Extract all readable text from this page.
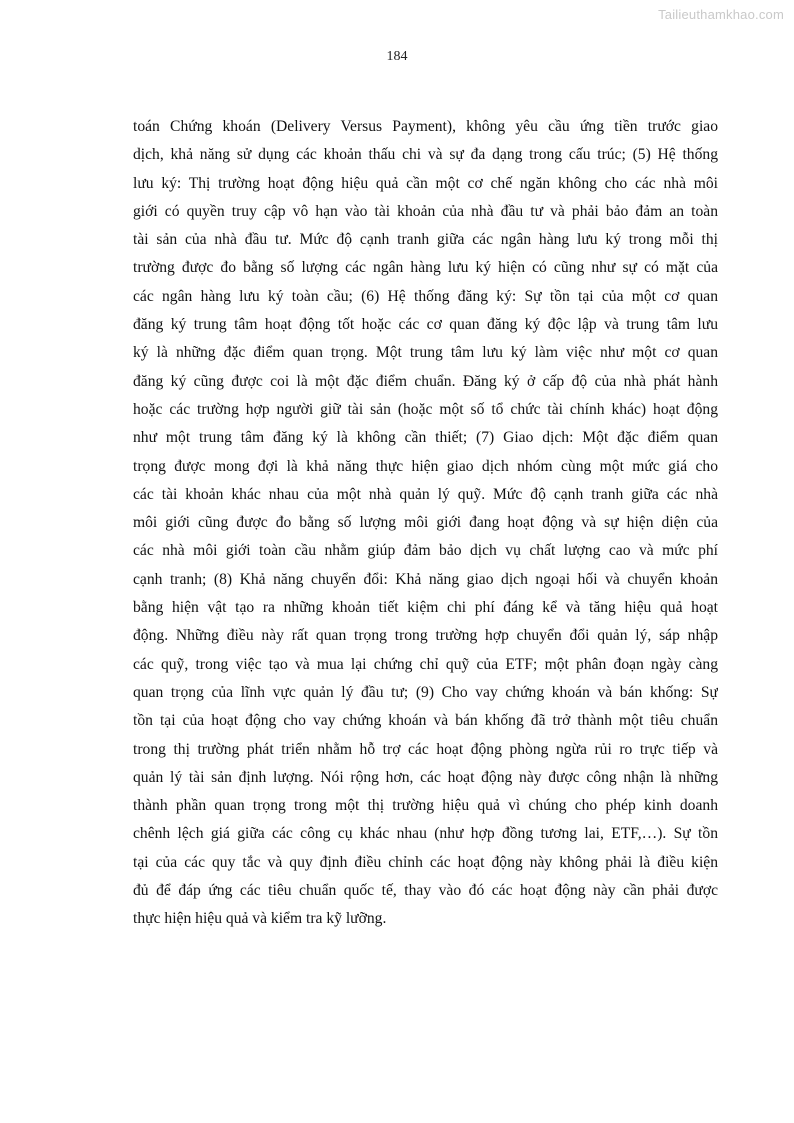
Tailieuthamkhao.com
184
toán Chứng khoán (Delivery Versus Payment), không yêu cầu ứng tiền trước giao
dịch, khả năng sử dụng các khoản thấu chi và sự đa dạng trong cấu trúc; (5) Hệ thống
lưu ký: Thị trường hoạt động hiệu quả cần một cơ chế ngăn không cho các nhà môi
giới có quyền truy cập vô hạn vào tài khoản của nhà đầu tư và phải bảo đảm an toàn
tài sản của nhà đầu tư. Mức độ cạnh tranh giữa các ngân hàng lưu ký trong mỗi thị
trường được đo bằng số lượng các ngân hàng lưu ký hiện có cũng như sự có mặt của
các ngân hàng lưu ký toàn cầu; (6) Hệ thống đăng ký: Sự tồn tại của một cơ quan
đăng ký trung tâm hoạt động tốt hoặc các cơ quan đăng ký độc lập và trung tâm lưu
ký là những đặc điểm quan trọng. Một trung tâm lưu ký làm việc như một cơ quan
đăng ký cũng được coi là một đặc điểm chuẩn. Đăng ký ở cấp độ của nhà phát hành
hoặc các trường hợp người giữ tài sản (hoặc một số tổ chức tài chính khác) hoạt động
như một trung tâm đăng ký là không cần thiết; (7) Giao dịch: Một đặc điểm quan
trọng được mong đợi là khả năng thực hiện giao dịch nhóm cùng một mức giá cho
các tài khoản khác nhau của một nhà quản lý quỹ. Mức độ cạnh tranh giữa các nhà
môi giới cũng được đo bằng số lượng môi giới đang hoạt động và sự hiện diện của
các nhà môi giới toàn cầu nhằm giúp đảm bảo dịch vụ chất lượng cao và mức phí
cạnh tranh; (8) Khả năng chuyển đổi: Khả năng giao dịch ngoại hối và chuyển khoản
bằng hiện vật tạo ra những khoản tiết kiệm chi phí đáng kể và tăng hiệu quả hoạt
động. Những điều này rất quan trọng trong trường hợp chuyển đổi quản lý, sáp nhập
các quỹ, trong việc tạo và mua lại chứng chỉ quỹ của ETF; một phân đoạn ngày càng
quan trọng của lĩnh vực quản lý đầu tư; (9) Cho vay chứng khoán và bán khống: Sự
tồn tại của hoạt động cho vay chứng khoán và bán khống đã trở thành một tiêu chuẩn
trong thị trường phát triển nhằm hỗ trợ các hoạt động phòng ngừa rủi ro trực tiếp và
quản lý tài sản định lượng. Nói rộng hơn, các hoạt động này được công nhận là những
thành phần quan trọng trong một thị trường hiệu quả vì chúng cho phép kinh doanh
chênh lệch giá giữa các công cụ khác nhau (như hợp đồng tương lai, ETF,…). Sự tồn
tại của các quy tắc và quy định điều chỉnh các hoạt động này không phải là điều kiện
đủ để đáp ứng các tiêu chuẩn quốc tế, thay vào đó các hoạt động này cần phải được
thực hiện hiệu quả và kiểm tra kỹ lưỡng.
